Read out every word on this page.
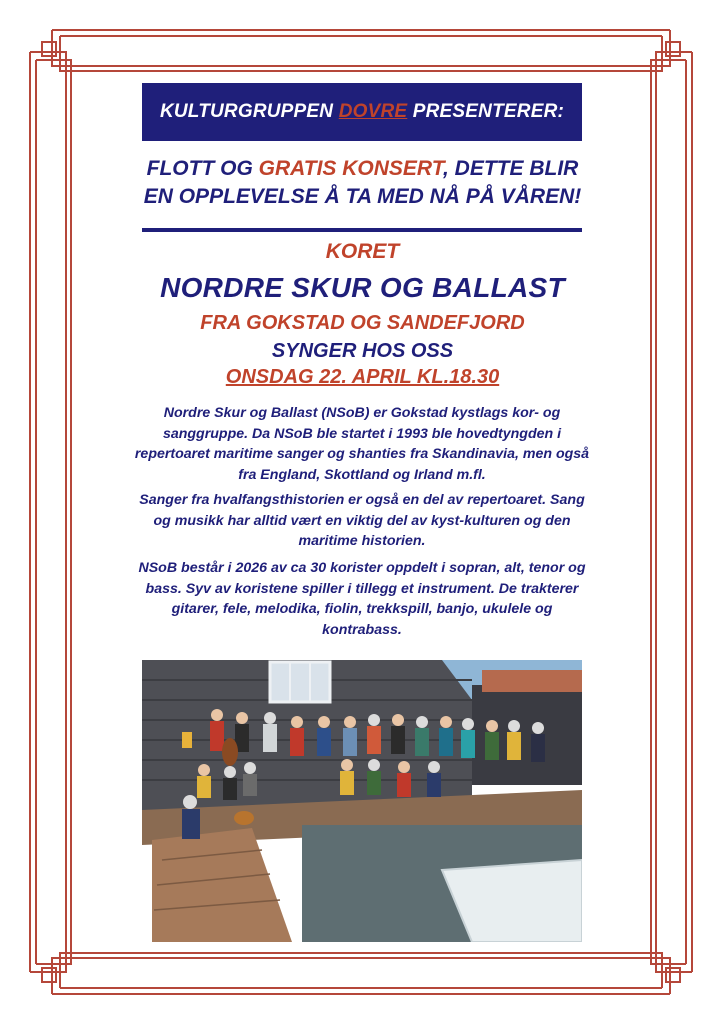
KULTURGRUPPEN DOVRE PRESENTERER:
FLOTT OG GRATIS KONSERT, DETTE BLIR
EN OPPLEVELSE Å TA MED NÅ PÅ VÅREN!
KORET
NORDRE SKUR OG BALLAST
FRA GOKSTAD OG SANDEFJORD
SYNGER HOS OSS
ONSDAG 22. APRIL KL.18.30
Nordre Skur og Ballast (NSoB) er Gokstad kystlags kor- og sanggruppe. Da NSoB ble startet i 1993 ble hovedtyngden i repertoaret maritime sanger og shanties fra Skandinavia, men også fra England, Skottland og Irland m.fl.
Sanger fra hvalfangsthistorien er også en del av repertoaret. Sang og musikk har alltid vært en viktig del av kyst-kulturen og den maritime historien.
NSoB består i 2026 av ca 30 korister oppdelt i sopran, alt, tenor og bass. Syv av koristene spiller i tillegg et instrument. De trakterer gitarer, fele, melodika, fiolin, trekkspill, banjo, ukulele og kontrabass.
